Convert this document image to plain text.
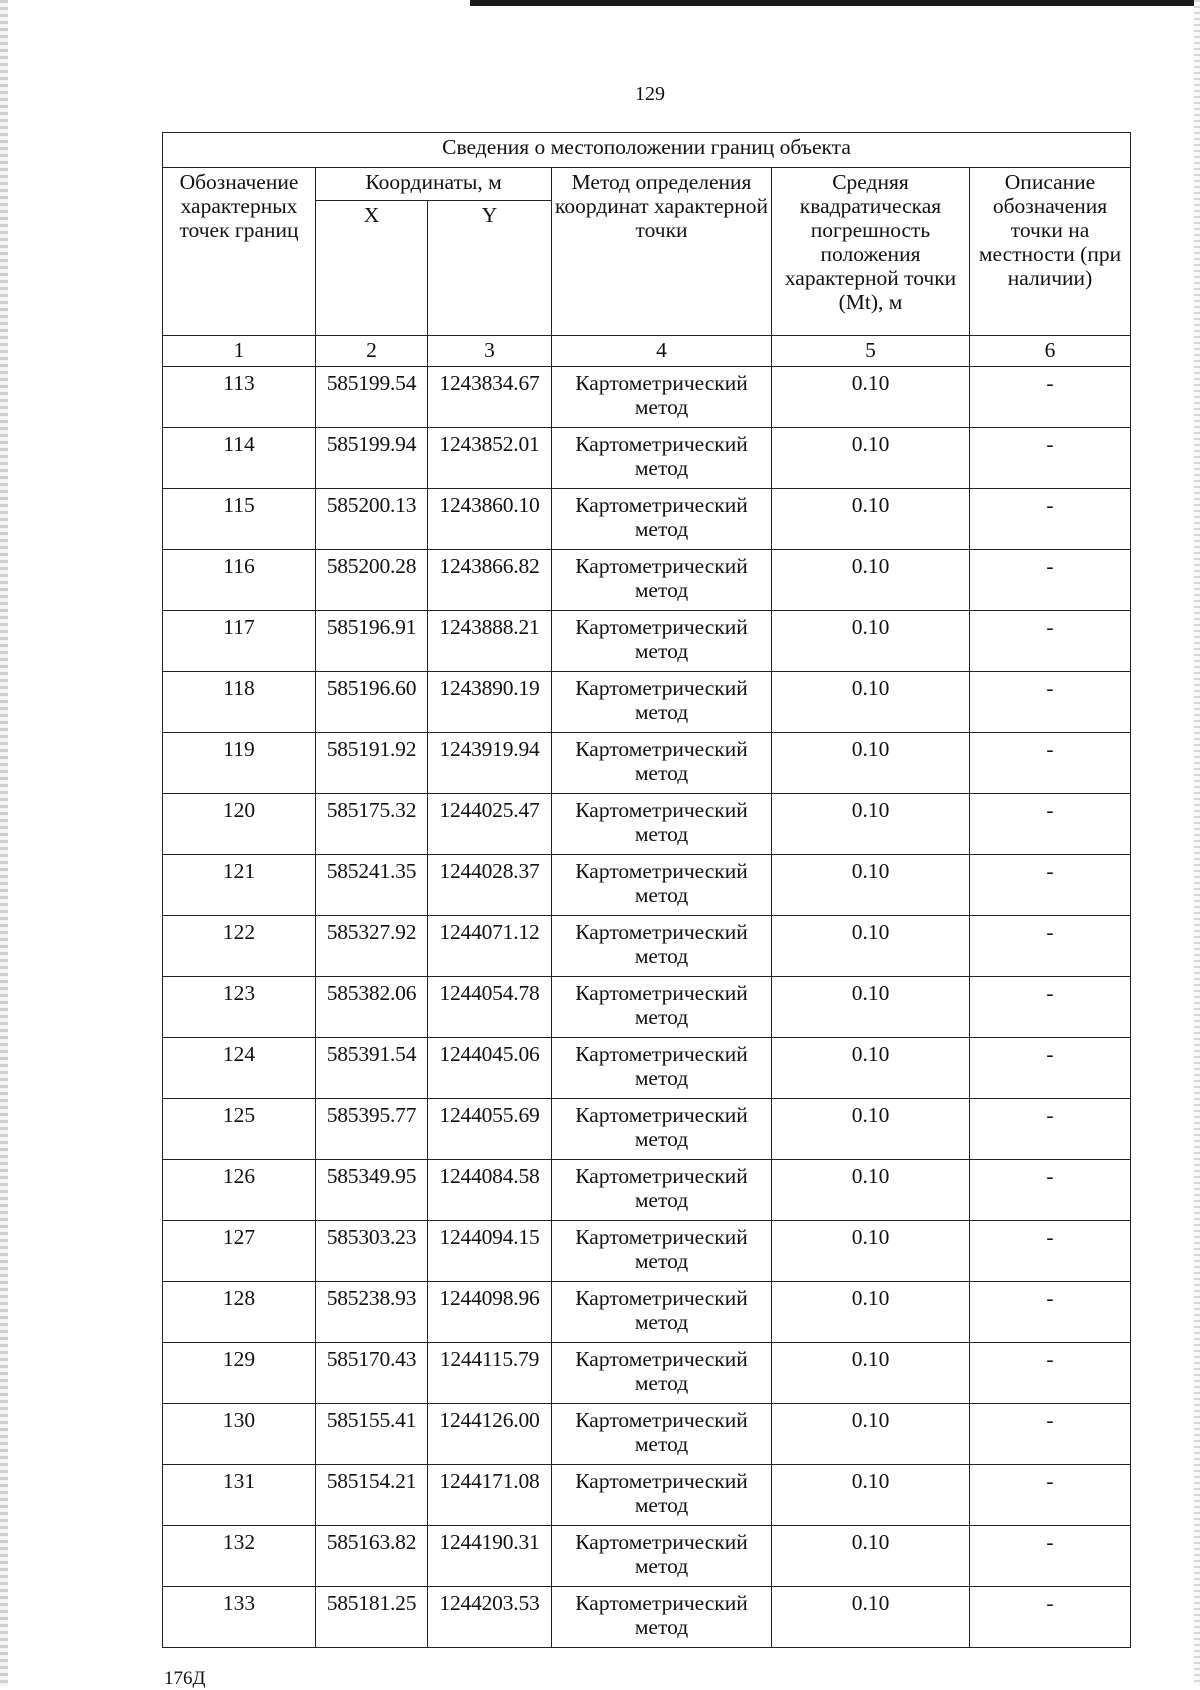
129
Сведения о местоположении границ объекта					
Обозначение характерных точек границ	Координаты, м		Метод определения координат характерной точки	Средняя квадратическая погрешность положения характерной точки (Mt), м	Описание обозначения точки на местности (при наличии)
	X	Y			
1	2	3	4	5	6
113	585199.54	1243834.67	Картометрический метод	0.10	-
114	585199.94	1243852.01	Картометрический метод	0.10	-
115	585200.13	1243860.10	Картометрический метод	0.10	-
116	585200.28	1243866.82	Картометрический метод	0.10	-
117	585196.91	1243888.21	Картометрический метод	0.10	-
118	585196.60	1243890.19	Картометрический метод	0.10	-
119	585191.92	1243919.94	Картометрический метод	0.10	-
120	585175.32	1244025.47	Картометрический метод	0.10	-
121	585241.35	1244028.37	Картометрический метод	0.10	-
122	585327.92	1244071.12	Картометрический метод	0.10	-
123	585382.06	1244054.78	Картометрический метод	0.10	-
124	585391.54	1244045.06	Картометрический метод	0.10	-
125	585395.77	1244055.69	Картометрический метод	0.10	-
126	585349.95	1244084.58	Картометрический метод	0.10	-
127	585303.23	1244094.15	Картометрический метод	0.10	-
128	585238.93	1244098.96	Картометрический метод	0.10	-
129	585170.43	1244115.79	Картометрический метод	0.10	-
130	585155.41	1244126.00	Картометрический метод	0.10	-
131	585154.21	1244171.08	Картометрический метод	0.10	-
132	585163.82	1244190.31	Картометрический метод	0.10	-
133	585181.25	1244203.53	Картометрический метод	0.10	-
176Д
